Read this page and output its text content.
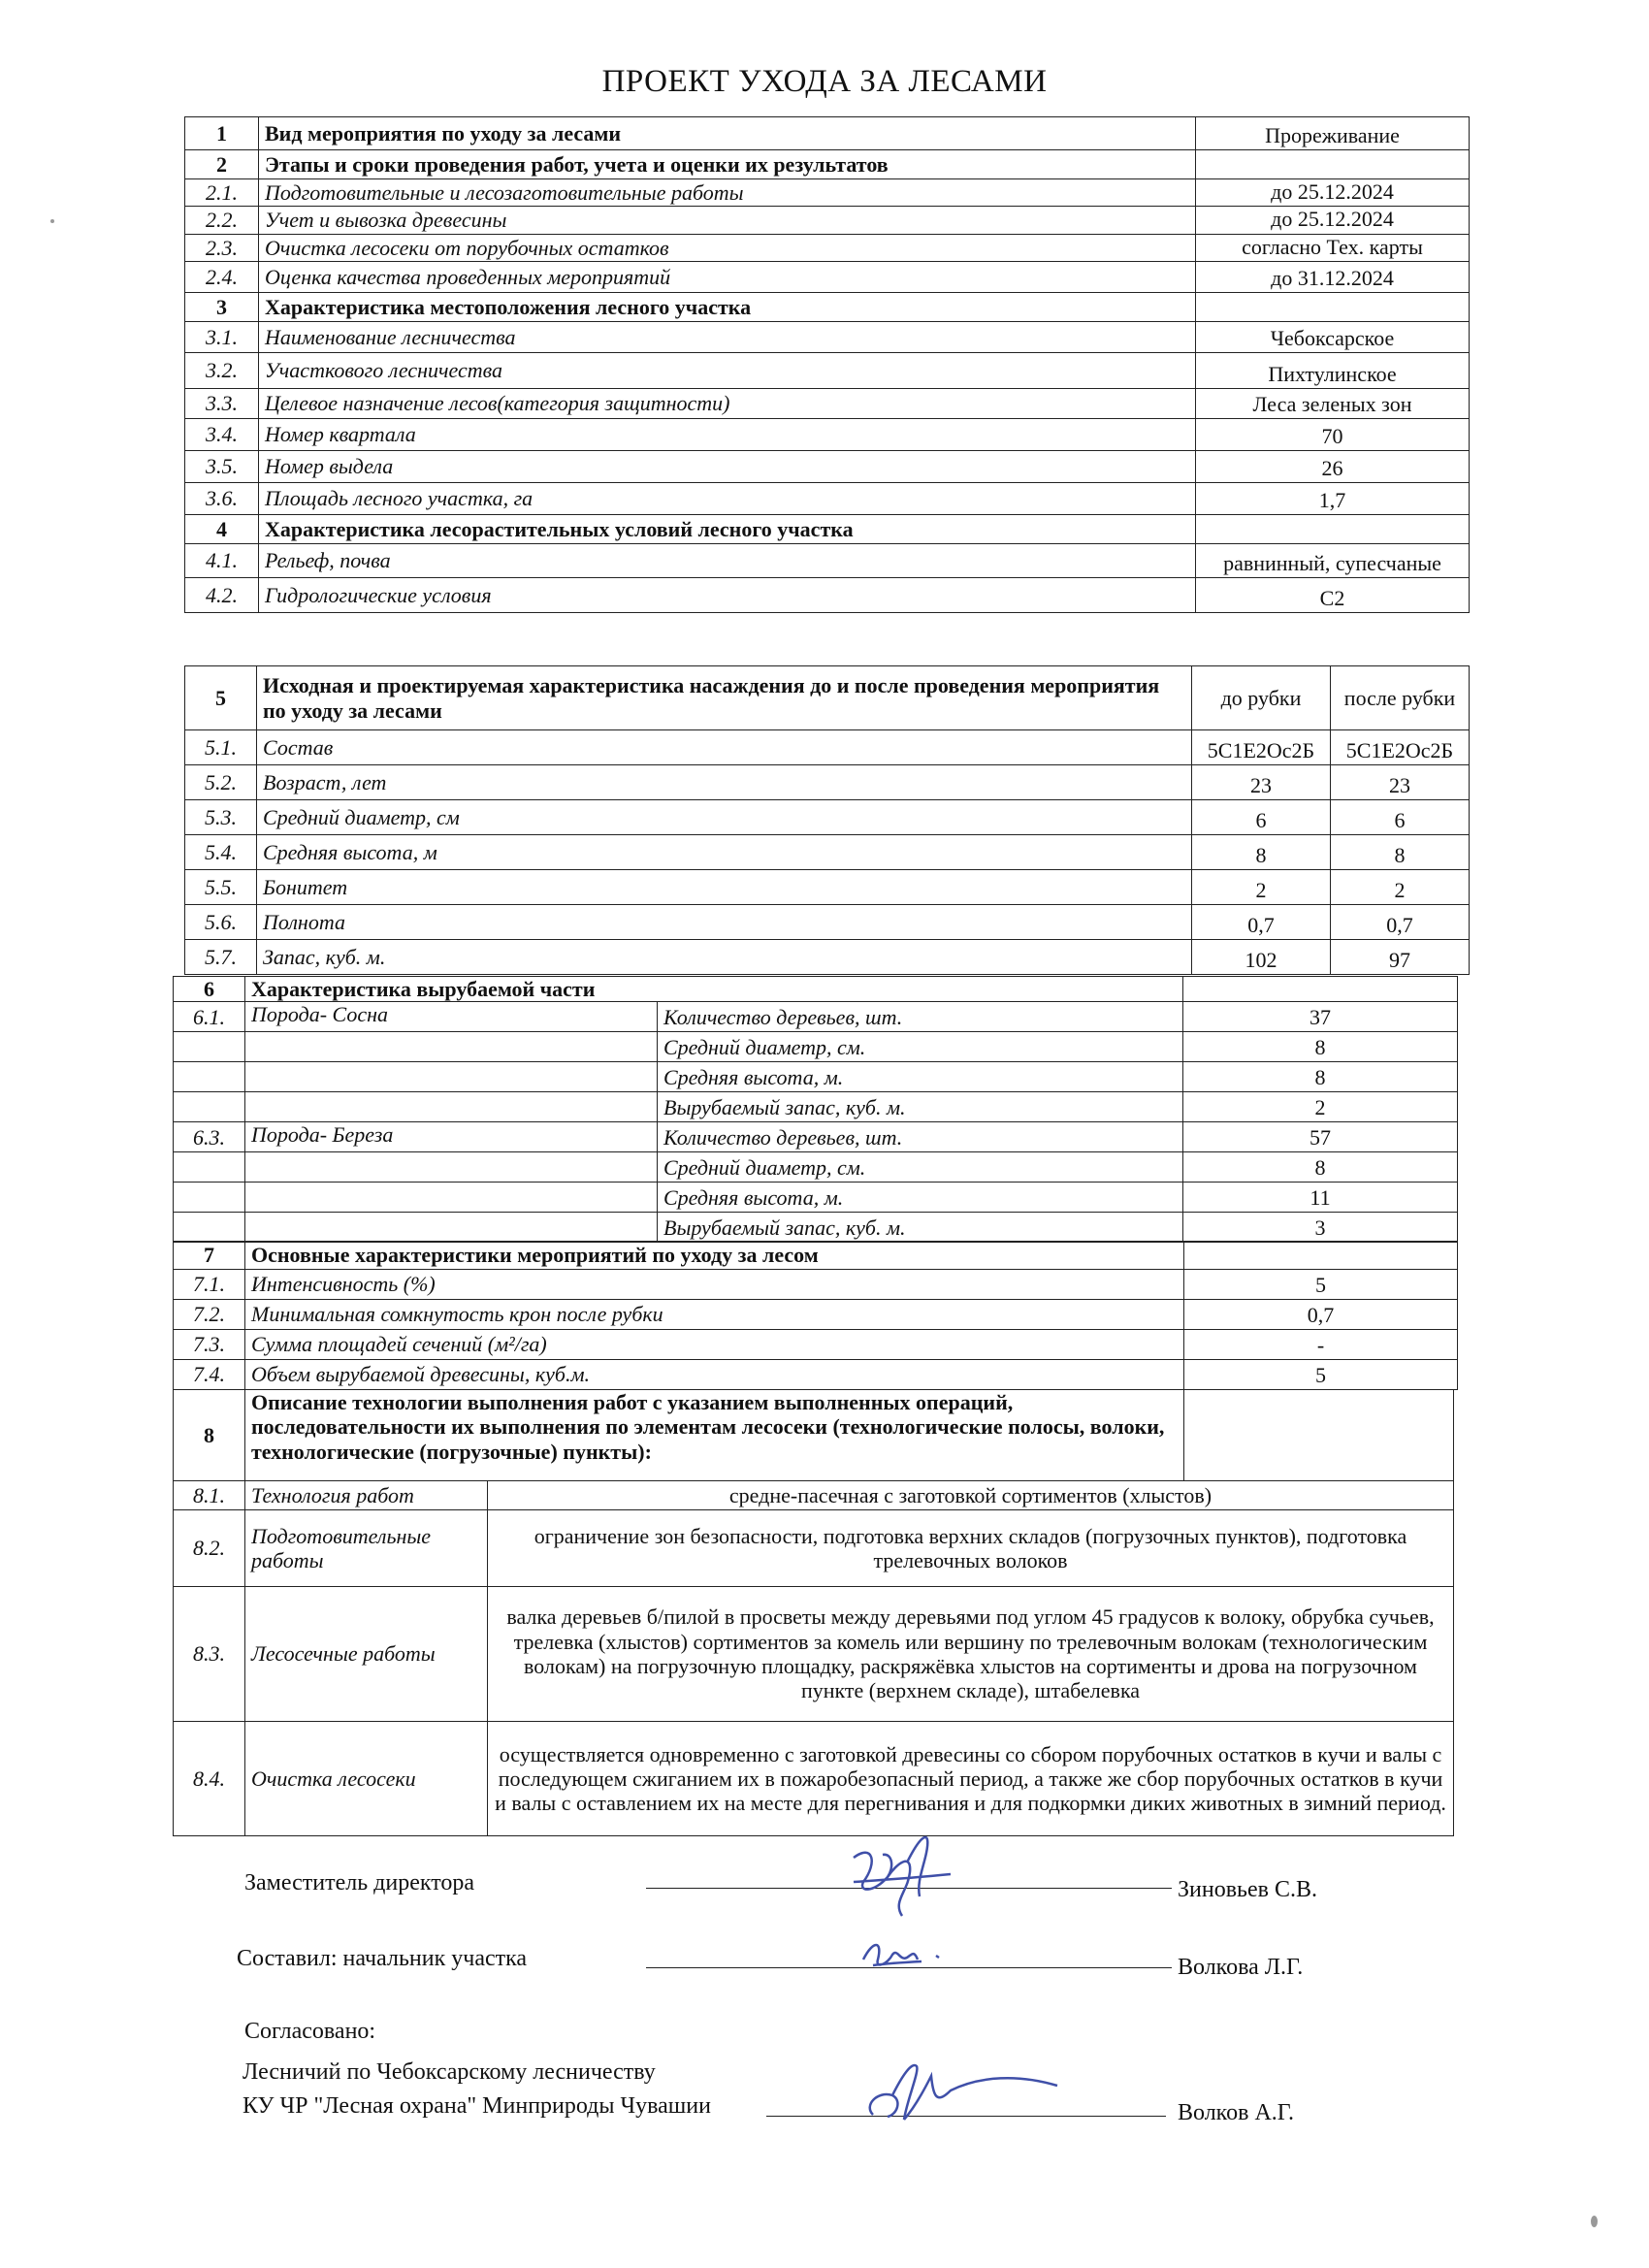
ПРОЕКТ УХОДА ЗА ЛЕСАМИ
1	Вид мероприятия по уходу за лесами	Прореживание
2	Этапы и сроки проведения работ, учета и оценки их результатов	
2.1.	Подготовительные и лесозаготовительные работы	до 25.12.2024
2.2.	Учет и вывозка древесины	до 25.12.2024
2.3.	Очистка лесосеки от порубочных остатков	согласно Тех. карты
2.4.	Оценка качества проведенных мероприятий	до 31.12.2024
3	Характеристика местоположения лесного участка	
3.1.	Наименование лесничества	Чебоксарское
3.2.	Участкового лесничества	Пихтулинское
3.3.	Целевое назначение лесов(категория защитности)	Леса зеленых зон
3.4.	Номер квартала	70
3.5.	Номер выдела	26
3.6.	Площадь лесного участка, га	1,7
4	Характеристика лесорастительных условий лесного участка	
4.1.	Рельеф, почва	равнинный, супесчаные
4.2.	Гидрологические условия	С2
5	Исходная и проектируемая характеристика насаждения до и после проведения мероприятия по уходу за лесами	до рубки	после рубки
5.1.	Состав	5С1Е2Ос2Б	5С1Е2Ос2Б
5.2.	Возраст, лет	23	23
5.3.	Средний диаметр, см	6	6
5.4.	Средняя высота, м	8	8
5.5.	Бонитет	2	2
5.6.	Полнота	0,7	0,7
5.7.	Запас, куб. м.	102	97
6	Характеристика вырубаемой части			
6.1.	Порода- Сосна	Количество деревьев, шт.	37	
		Средний диаметр, см.	8	
		Средняя высота, м.	8	
		Вырубаемый запас, куб. м.	2	
6.3.	Порода- Береза	Количество деревьев, шт.	57	
		Средний диаметр, см.	8	
		Средняя высота, м.	11	
		Вырубаемый запас, куб. м.	3	
7	Основные характеристики мероприятий по уходу за лесом	
7.1.	Интенсивность (%)	5
7.2.	Минимальная сомкнутость крон после рубки	0,7
7.3.	Сумма площадей сечений (м²/га)	-
7.4.	Объем вырубаемой древесины, куб.м.	5
8	Описание технологии выполнения работ с указанием выполненных операций, последовательности их выполнения по элементам лесосеки (технологические полосы, волоки, технологические (погрузочные) пункты):		
8.1.	Технология работ	средне-пасечная с заготовкой сортиментов (хлыстов)	
8.2.	Подготовительные работы	ограничение зон безопасности, подготовка верхних складов (погрузочных пунктов), подготовка трелевочных волоков	
8.3.	Лесосечные работы	валка деревьев б/пилой в просветы между деревьями под углом 45 градусов к волоку, обрубка сучьев, трелевка (хлыстов) сортиментов за комель или вершину по трелевочным волокам (технологическим волокам) на погрузочную площадку, раскряжёвка хлыстов на сортименты и дрова на погрузочном пункте (верхнем складе), штабелевка	
8.4.	Очистка лесосеки	осуществляется одновременно с заготовкой древесины со сбором порубочных остатков в кучи и валы с последующем сжиганием их в пожаробезопасный период, а также же сбор порубочных остатков в кучи и валы с оставлением их на месте для перегнивания и для подкормки диких животных в зимний период.	
Заместитель директора	Зиновьев С.В.
Составил: начальник участка	Волкова Л.Г.
Согласовано:
Лесничий по Чебоксарскому лесничеству
КУ ЧР "Лесная охрана" Минприроды Чувашии	Волков А.Г.
